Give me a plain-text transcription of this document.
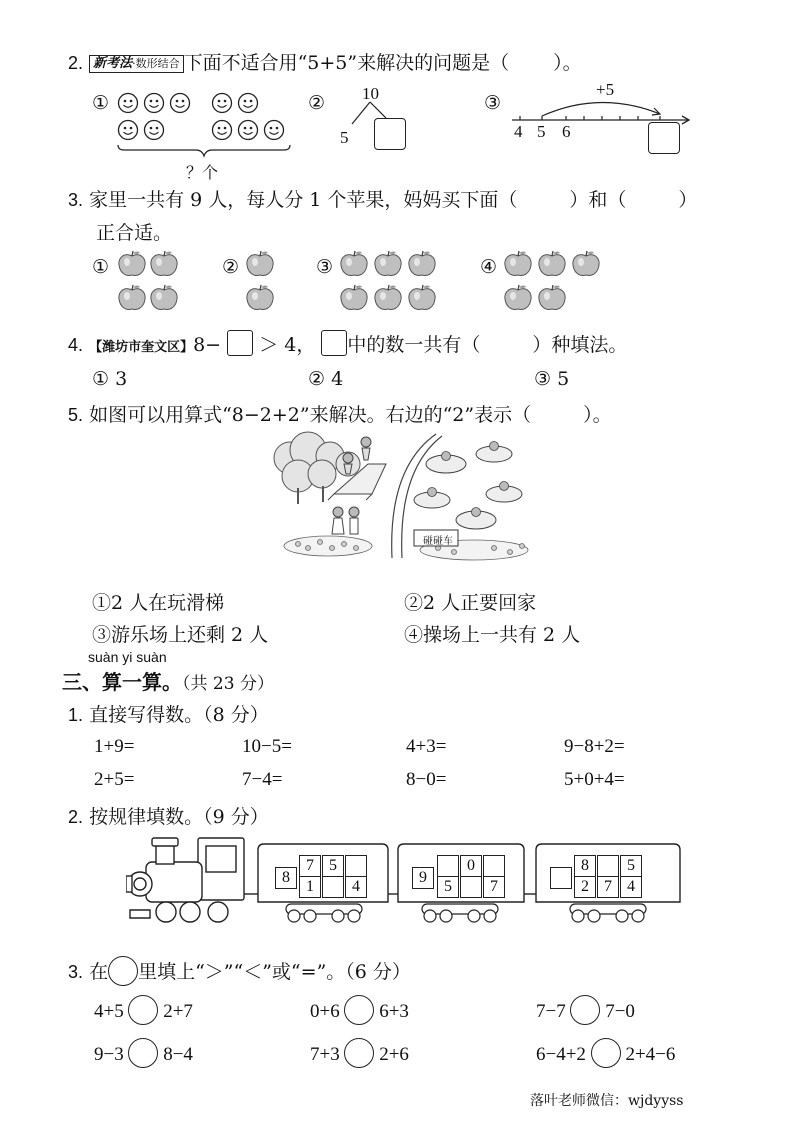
2. 新考法·数形结合 下面不适合用“5+5”来解决的问题是（ ）。
①
？个
② 10
5
③
+5
4 5 6
3. 家里一共有 9 人，每人分 1 个苹果，妈妈买下面（	）和（	）
正合适。
①	②	③	④
4. 【潍坊市奎文区】8− ＞ 4， 中的数一共有（	）种填法。
① 3	② 4	③ 5
5. 如图可以用算式“8−2+2”来解决。右边的“2”表示（	）。
碰碰车
①2 人在玩滑梯	②2 人正要回家
③游乐场上还剩 2 人	④操场上一共有 2 人
suàn yi suàn
三、算一算。（共 23 分）
1. 直接写得数。（8 分）
1+9=	10−5=	4+3=	9−8+2=
2+5=	7−4=	8−0=	5+0+4=
2. 按规律填数。（9 分）
8
7 5
1	4
9
0
5	7
8	5
2 7 4
3. 在 里填上“＞”“＜”或“=”。（6 分）
4+5 2+7	0+6 6+3	7−7 7−0
9−3 8−4	7+3 2+6	6−4+2 2+4−6
落叶老师微信：wjdyyss
